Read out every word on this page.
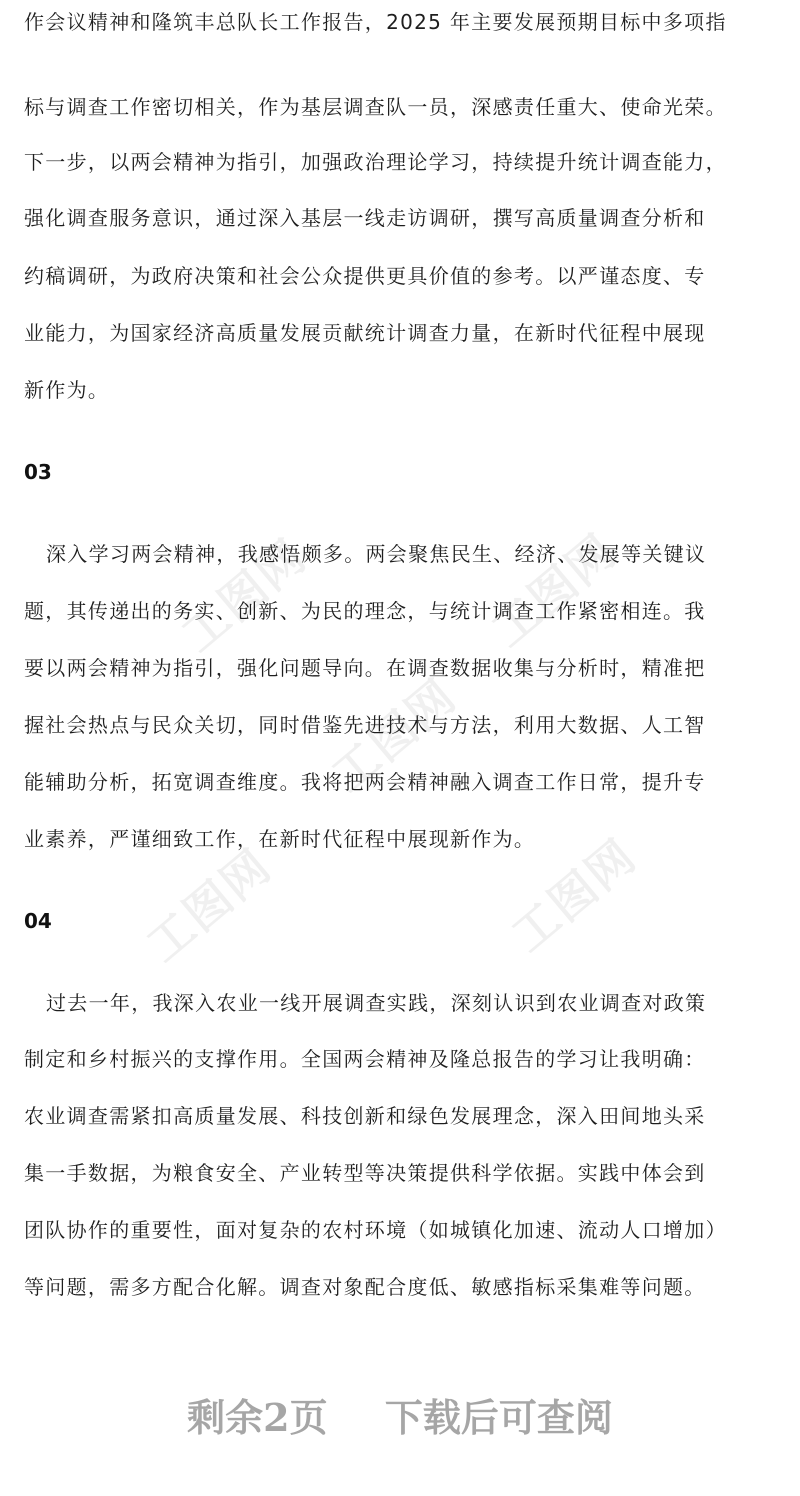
工图网	工图网
工图网
工图网	工图网
作会议精神和隆筑丰总队长工作报告，2025 年主要发展预期目标中多项指
标与调查工作密切相关，作为基层调查队一员，深感责任重大、使命光荣。
下一步，以两会精神为指引，加强政治理论学习，持续提升统计调查能力，
强化调查服务意识，通过深入基层一线走访调研，撰写高质量调查分析和
约稿调研，为政府决策和社会公众提供更具价值的参考。以严谨态度、专
业能力，为国家经济高质量发展贡献统计调查力量，在新时代征程中展现
新作为。
03
深入学习两会精神，我感悟颇多。两会聚焦民生、经济、发展等关键议
题，其传递出的务实、创新、为民的理念，与统计调查工作紧密相连。我
要以两会精神为指引，强化问题导向。在调查数据收集与分析时，精准把
握社会热点与民众关切，同时借鉴先进技术与方法，利用大数据、人工智
能辅助分析，拓宽调查维度。我将把两会精神融入调查工作日常，提升专
业素养，严谨细致工作，在新时代征程中展现新作为。
04
过去一年，我深入农业一线开展调查实践，深刻认识到农业调查对政策
制定和乡村振兴的支撑作用。全国两会精神及隆总报告的学习让我明确：
农业调查需紧扣高质量发展、科技创新和绿色发展理念，深入田间地头采
集一手数据，为粮食安全、产业转型等决策提供科学依据。实践中体会到
团队协作的重要性，面对复杂的农村环境（如城镇化加速、流动人口增加）
等问题，需多方配合化解。调查对象配合度低、敏感指标采集难等问题。
剩余2页 下载后可查阅
